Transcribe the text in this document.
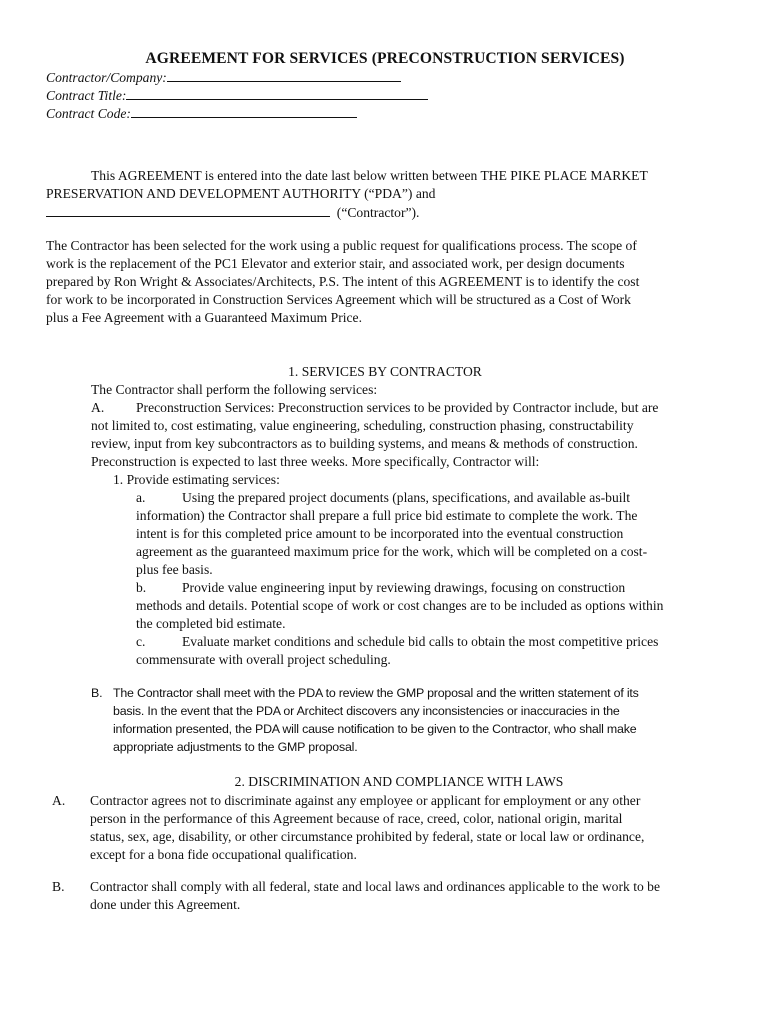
AGREEMENT FOR SERVICES (PRECONSTRUCTION SERVICES)
Contractor/Company:
Contract Title:
Contract Code:
This AGREEMENT is entered into the date last below written between THE PIKE PLACE MARKET
PRESERVATION AND DEVELOPMENT AUTHORITY (“PDA”) and
(“Contractor”).
The Contractor has been selected for the work using a public request for qualifications process. The scope of
work is the replacement of the PC1 Elevator and exterior stair, and associated work, per design documents
prepared by Ron Wright & Associates/Architects, P.S. The intent of this AGREEMENT is to identify the cost
for work to be incorporated in Construction Services Agreement which will be structured as a Cost of Work
plus a Fee Agreement with a Guaranteed Maximum Price.
1. SERVICES BY CONTRACTOR
The Contractor shall perform the following services:
A. Preconstruction Services: Preconstruction services to be provided by Contractor include, but are
not limited to, cost estimating, value engineering, scheduling, construction phasing, constructability
review, input from key subcontractors as to building systems, and means & methods of construction.
Preconstruction is expected to last three weeks. More specifically, Contractor will:
1. Provide estimating services:
a.	Using the prepared project documents (plans, specifications, and available as-built
information) the Contractor shall prepare a full price bid estimate to complete the work. The
intent is for this completed price amount to be incorporated into the eventual construction
agreement as the guaranteed maximum price for the work, which will be completed on a cost-
plus fee basis.
b.	Provide value engineering input by reviewing drawings, focusing on construction
methods and details. Potential scope of work or cost changes are to be included as options within
the completed bid estimate.
c.	Evaluate market conditions and schedule bid calls to obtain the most competitive prices
commensurate with overall project scheduling.
B. The Contractor shall meet with the PDA to review the GMP proposal and the written statement of its
basis. In the event that the PDA or Architect discovers any inconsistencies or inaccuracies in the
information presented, the PDA will cause notification to be given to the Contractor, who shall make
appropriate adjustments to the GMP proposal.
2. DISCRIMINATION AND COMPLIANCE WITH LAWS
A.	Contractor agrees not to discriminate against any employee or applicant for employment or any other
person in the performance of this Agreement because of race, creed, color, national origin, marital
status, sex, age, disability, or other circumstance prohibited by federal, state or local law or ordinance,
except for a bona fide occupational qualification.
B.	Contractor shall comply with all federal, state and local laws and ordinances applicable to the work to be
done under this Agreement.
